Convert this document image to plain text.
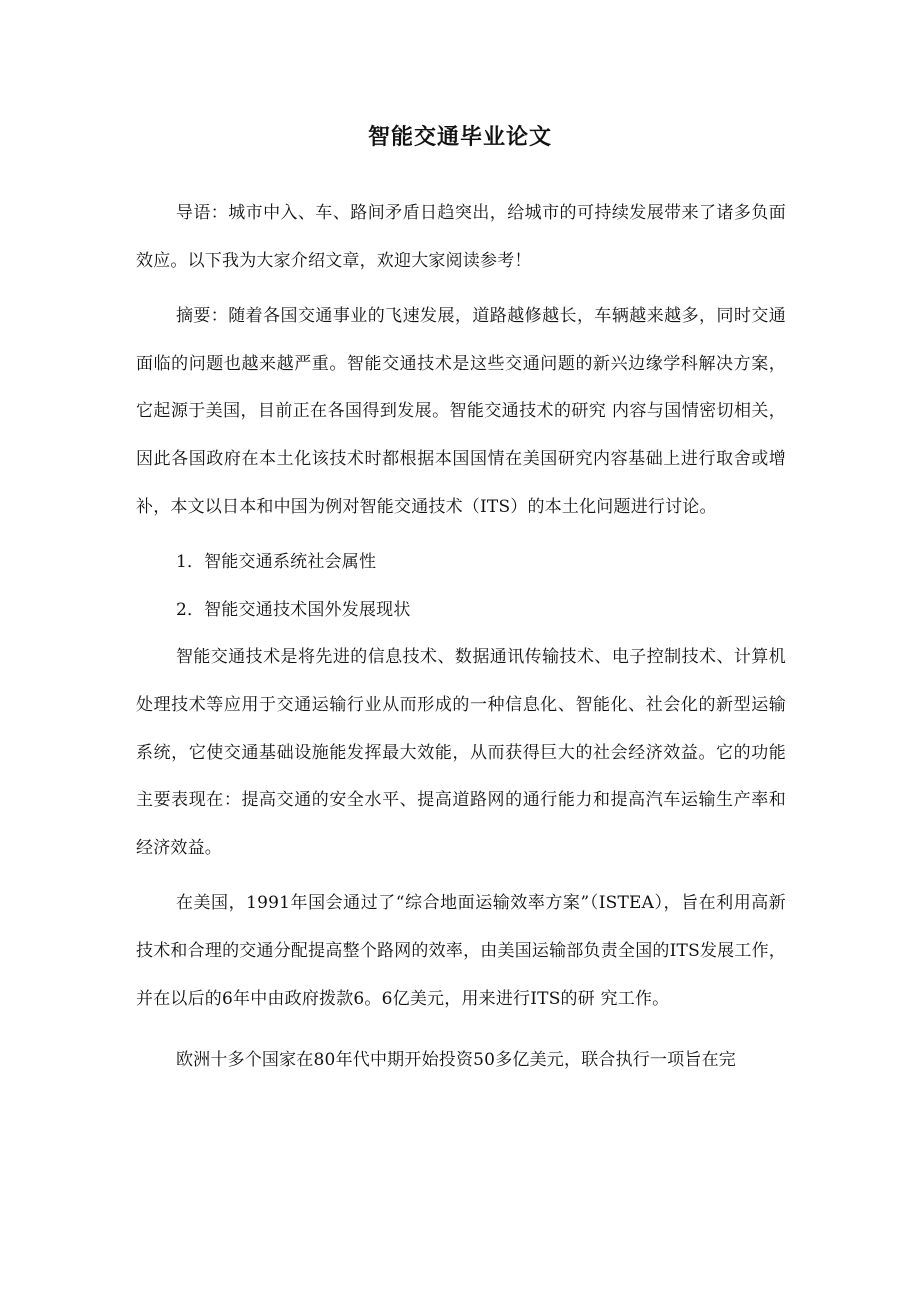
智能交通毕业论文

导语：城市中入、车、路间矛盾日趋突出，给城市的可持续发展带来了诸多负面效应。以下我为大家介绍文章，欢迎大家阅读参考！

摘要：随着各国交通事业的飞速发展，道路越修越长，车辆越来越多，同时交通面临的问题也越来越严重。智能交通技术是这些交通问题的新兴边缘学科解决方案，它起源于美国，目前正在各国得到发展。智能交通技术的研究 内容与国情密切相关，因此各国政府在本土化该技术时都根据本国国情在美国研究内容基础上进行取舍或增补，本文以日本和中国为例对智能交通技术（ITS）的本土化问题进行讨论。

1．智能交通系统社会属性

2．智能交通技术国外发展现状

智能交通技术是将先进的信息技术、数据通讯传输技术、电子控制技术、计算机处理技术等应用于交通运输行业从而形成的一种信息化、智能化、社会化的新型运输系统，它使交通基础设施能发挥最大效能，从而获得巨大的社会经济效益。它的功能主要表现在：提高交通的安全水平、提高道路网的通行能力和提高汽车运输生产率和经济效益。

在美国，1991年国会通过了“综合地面运输效率方案”（ISTEA），旨在利用高新技术和合理的交通分配提高整个路网的效率，由美国运输部负责全国的ITS发展工作，并在以后的6年中由政府拨款6。6亿美元，用来进行ITS的研 究工作。

欧洲十多个国家在80年代中期开始投资50多亿美元，联合执行一项旨在完
